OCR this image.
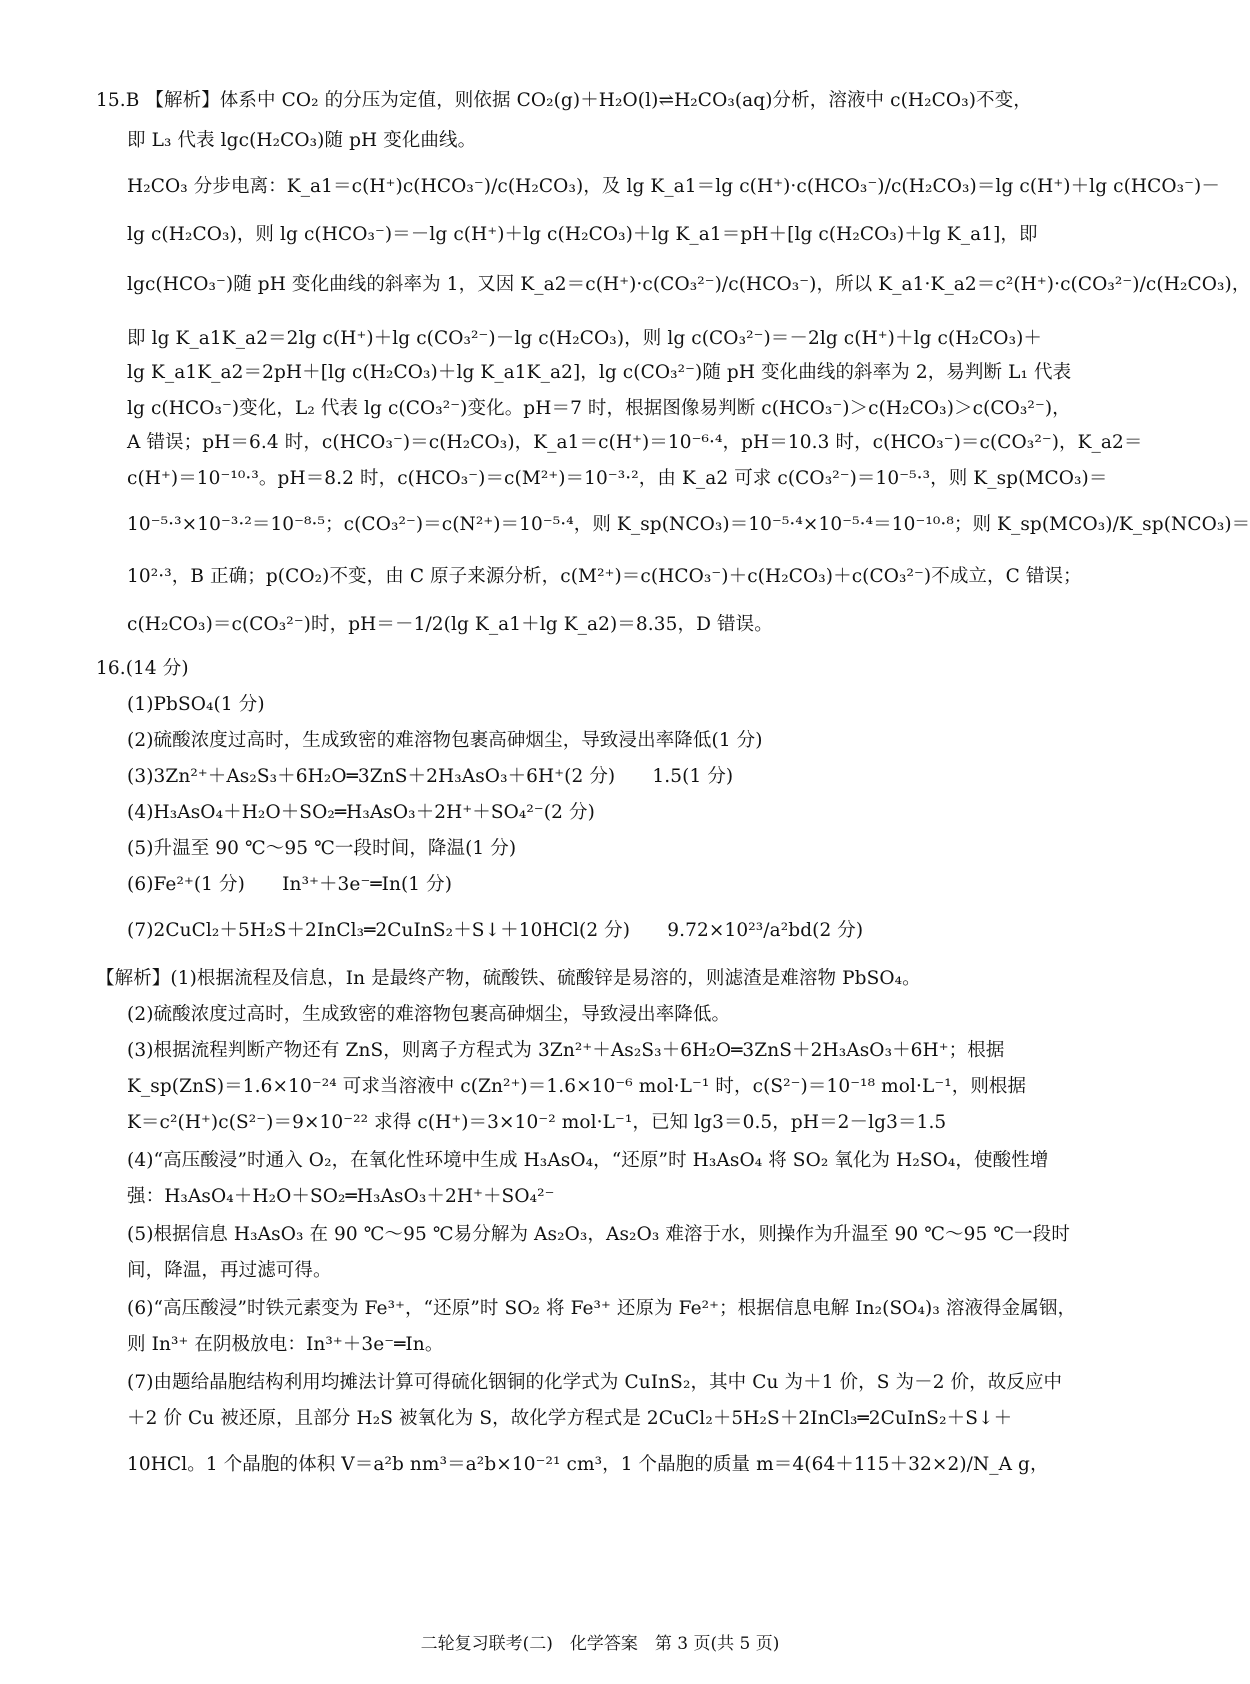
15.B 【解析】体系中 CO₂ 的分压为定值，则依据 CO₂(g)＋H₂O(l)⇌H₂CO₃(aq)分析，溶液中 c(H₂CO₃)不变，
即 L₃ 代表 lgc(H₂CO₃)随 pH 变化曲线。
H₂CO₃ 分步电离：K_a1＝c(H⁺)c(HCO₃⁻)/c(H₂CO₃)，及 lg K_a1＝lg c(H⁺)·c(HCO₃⁻)/c(H₂CO₃)＝lg c(H⁺)＋lg c(HCO₃⁻)－
lg c(H₂CO₃)，则 lg c(HCO₃⁻)＝－lg c(H⁺)＋lg c(H₂CO₃)＋lg K_a1＝pH＋[lg c(H₂CO₃)＋lg K_a1]，即
lgc(HCO₃⁻)随 pH 变化曲线的斜率为 1，又因 K_a2＝c(H⁺)·c(CO₃²⁻)/c(HCO₃⁻)，所以 K_a1·K_a2＝c²(H⁺)·c(CO₃²⁻)/c(H₂CO₃)，
即 lg K_a1K_a2＝2lg c(H⁺)＋lg c(CO₃²⁻)－lg c(H₂CO₃)，则 lg c(CO₃²⁻)＝－2lg c(H⁺)＋lg c(H₂CO₃)＋
lg K_a1K_a2＝2pH＋[lg c(H₂CO₃)＋lg K_a1K_a2]，lg c(CO₃²⁻)随 pH 变化曲线的斜率为 2，易判断 L₁ 代表
lg c(HCO₃⁻)变化，L₂ 代表 lg c(CO₃²⁻)变化。pH＝7 时，根据图像易判断 c(HCO₃⁻)＞c(H₂CO₃)＞c(CO₃²⁻)，
A 错误；pH＝6.4 时，c(HCO₃⁻)＝c(H₂CO₃)，K_a1＝c(H⁺)＝10⁻⁶·⁴，pH＝10.3 时，c(HCO₃⁻)＝c(CO₃²⁻)，K_a2＝
c(H⁺)＝10⁻¹⁰·³。pH＝8.2 时，c(HCO₃⁻)＝c(M²⁺)＝10⁻³·²，由 K_a2 可求 c(CO₃²⁻)＝10⁻⁵·³，则 K_sp(MCO₃)＝
10⁻⁵·³×10⁻³·²＝10⁻⁸·⁵；c(CO₃²⁻)＝c(N²⁺)＝10⁻⁵·⁴，则 K_sp(NCO₃)＝10⁻⁵·⁴×10⁻⁵·⁴＝10⁻¹⁰·⁸；则 K_sp(MCO₃)/K_sp(NCO₃)＝
10²·³，B 正确；p(CO₂)不变，由 C 原子来源分析，c(M²⁺)＝c(HCO₃⁻)＋c(H₂CO₃)＋c(CO₃²⁻)不成立，C 错误；
c(H₂CO₃)＝c(CO₃²⁻)时，pH＝－1/2(lg K_a1＋lg K_a2)＝8.35，D 错误。
16.(14 分)
(1)PbSO₄(1 分)
(2)硫酸浓度过高时，生成致密的难溶物包裹高砷烟尘，导致浸出率降低(1 分)
(3)3Zn²⁺＋As₂S₃＋6H₂O═3ZnS＋2H₃AsO₃＋6H⁺(2 分)　　1.5(1 分)
(4)H₃AsO₄＋H₂O＋SO₂═H₃AsO₃＋2H⁺＋SO₄²⁻(2 分)
(5)升温至 90 ℃～95 ℃一段时间，降温(1 分)
(6)Fe²⁺(1 分)　　In³⁺＋3e⁻═In(1 分)
(7)2CuCl₂＋5H₂S＋2InCl₃═2CuInS₂＋S↓＋10HCl(2 分)　　9.72×10²³/a²bd(2 分)
【解析】(1)根据流程及信息，In 是最终产物，硫酸铁、硫酸锌是易溶的，则滤渣是难溶物 PbSO₄。
(2)硫酸浓度过高时，生成致密的难溶物包裹高砷烟尘，导致浸出率降低。
(3)根据流程判断产物还有 ZnS，则离子方程式为 3Zn²⁺＋As₂S₃＋6H₂O═3ZnS＋2H₃AsO₃＋6H⁺；根据
K_sp(ZnS)＝1.6×10⁻²⁴ 可求当溶液中 c(Zn²⁺)＝1.6×10⁻⁶ mol·L⁻¹ 时，c(S²⁻)＝10⁻¹⁸ mol·L⁻¹，则根据
K＝c²(H⁺)c(S²⁻)＝9×10⁻²² 求得 c(H⁺)＝3×10⁻² mol·L⁻¹，已知 lg3＝0.5，pH＝2－lg3＝1.5
(4)“高压酸浸”时通入 O₂，在氧化性环境中生成 H₃AsO₄，“还原”时 H₃AsO₄ 将 SO₂ 氧化为 H₂SO₄，使酸性增
强：H₃AsO₄＋H₂O＋SO₂═H₃AsO₃＋2H⁺＋SO₄²⁻
(5)根据信息 H₃AsO₃ 在 90 ℃～95 ℃易分解为 As₂O₃，As₂O₃ 难溶于水，则操作为升温至 90 ℃～95 ℃一段时
间，降温，再过滤可得。
(6)“高压酸浸”时铁元素变为 Fe³⁺，“还原”时 SO₂ 将 Fe³⁺ 还原为 Fe²⁺；根据信息电解 In₂(SO₄)₃ 溶液得金属铟，
则 In³⁺ 在阴极放电：In³⁺＋3e⁻═In。
(7)由题给晶胞结构利用均摊法计算可得硫化铟铜的化学式为 CuInS₂，其中 Cu 为＋1 价，S 为－2 价，故反应中
＋2 价 Cu 被还原，且部分 H₂S 被氧化为 S，故化学方程式是 2CuCl₂＋5H₂S＋2InCl₃═2CuInS₂＋S↓＋
10HCl。1 个晶胞的体积 V＝a²b nm³＝a²b×10⁻²¹ cm³，1 个晶胞的质量 m＝4(64＋115＋32×2)/N_A g，
二轮复习联考(二)　化学答案　第 3 页(共 5 页)
